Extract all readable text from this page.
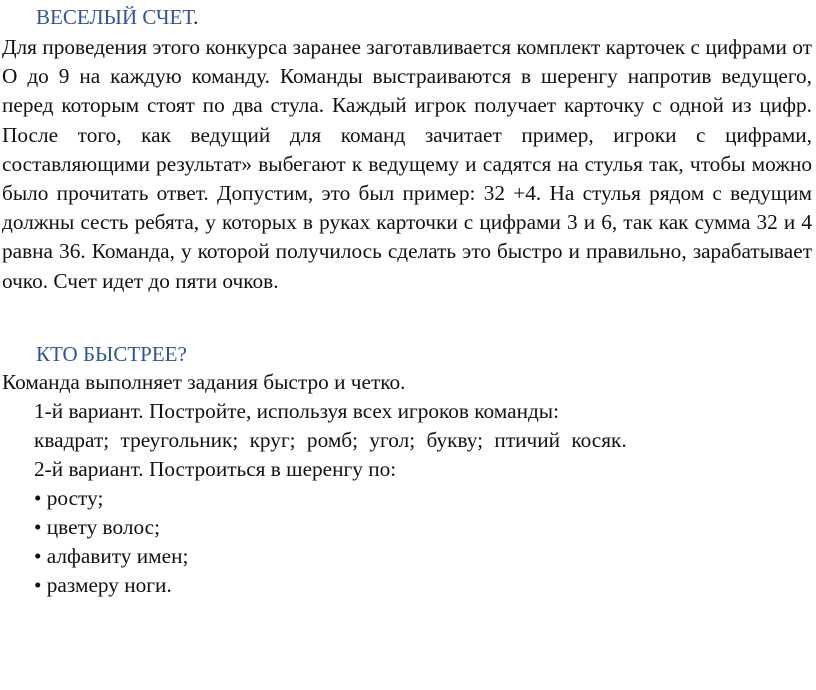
ВЕСЕЛЫЙ СЧЕТ.

Для проведения этого конкурса заранее заготавливается комплект карточек с цифрами от О до 9 на каждую команду. Команды выстраиваются в шеренгу напротив ведущего, перед которым стоят по два стула. Каждый игрок получает карточку с одной из цифр. После того, как ведущий для команд зачитает пример, игроки с цифрами, составляющими результат» выбегают к ведущему и садятся на стулья так, чтобы можно было прочитать ответ. Допустим, это был пример: 32 +4. На стулья рядом с ведущим должны сесть ребята, у которых в руках карточки с цифрами 3 и 6, так как сумма 32 и 4 равна 36. Команда, у которой получилось сделать это быстро и правильно, зарабатывает очко. Счет идет до пяти очков.

КТО БЫСТРЕЕ?

Команда выполняет задания быстро и четко.

1-й вариант. Постройте, используя всех игроков команды:

квадрат; треугольник; круг; ромб; угол; букву; птичий косяк.

2-й вариант. Построиться в шеренгу по:

• росту;

• цвету волос;

• алфавиту имен;

• размеру ноги.
